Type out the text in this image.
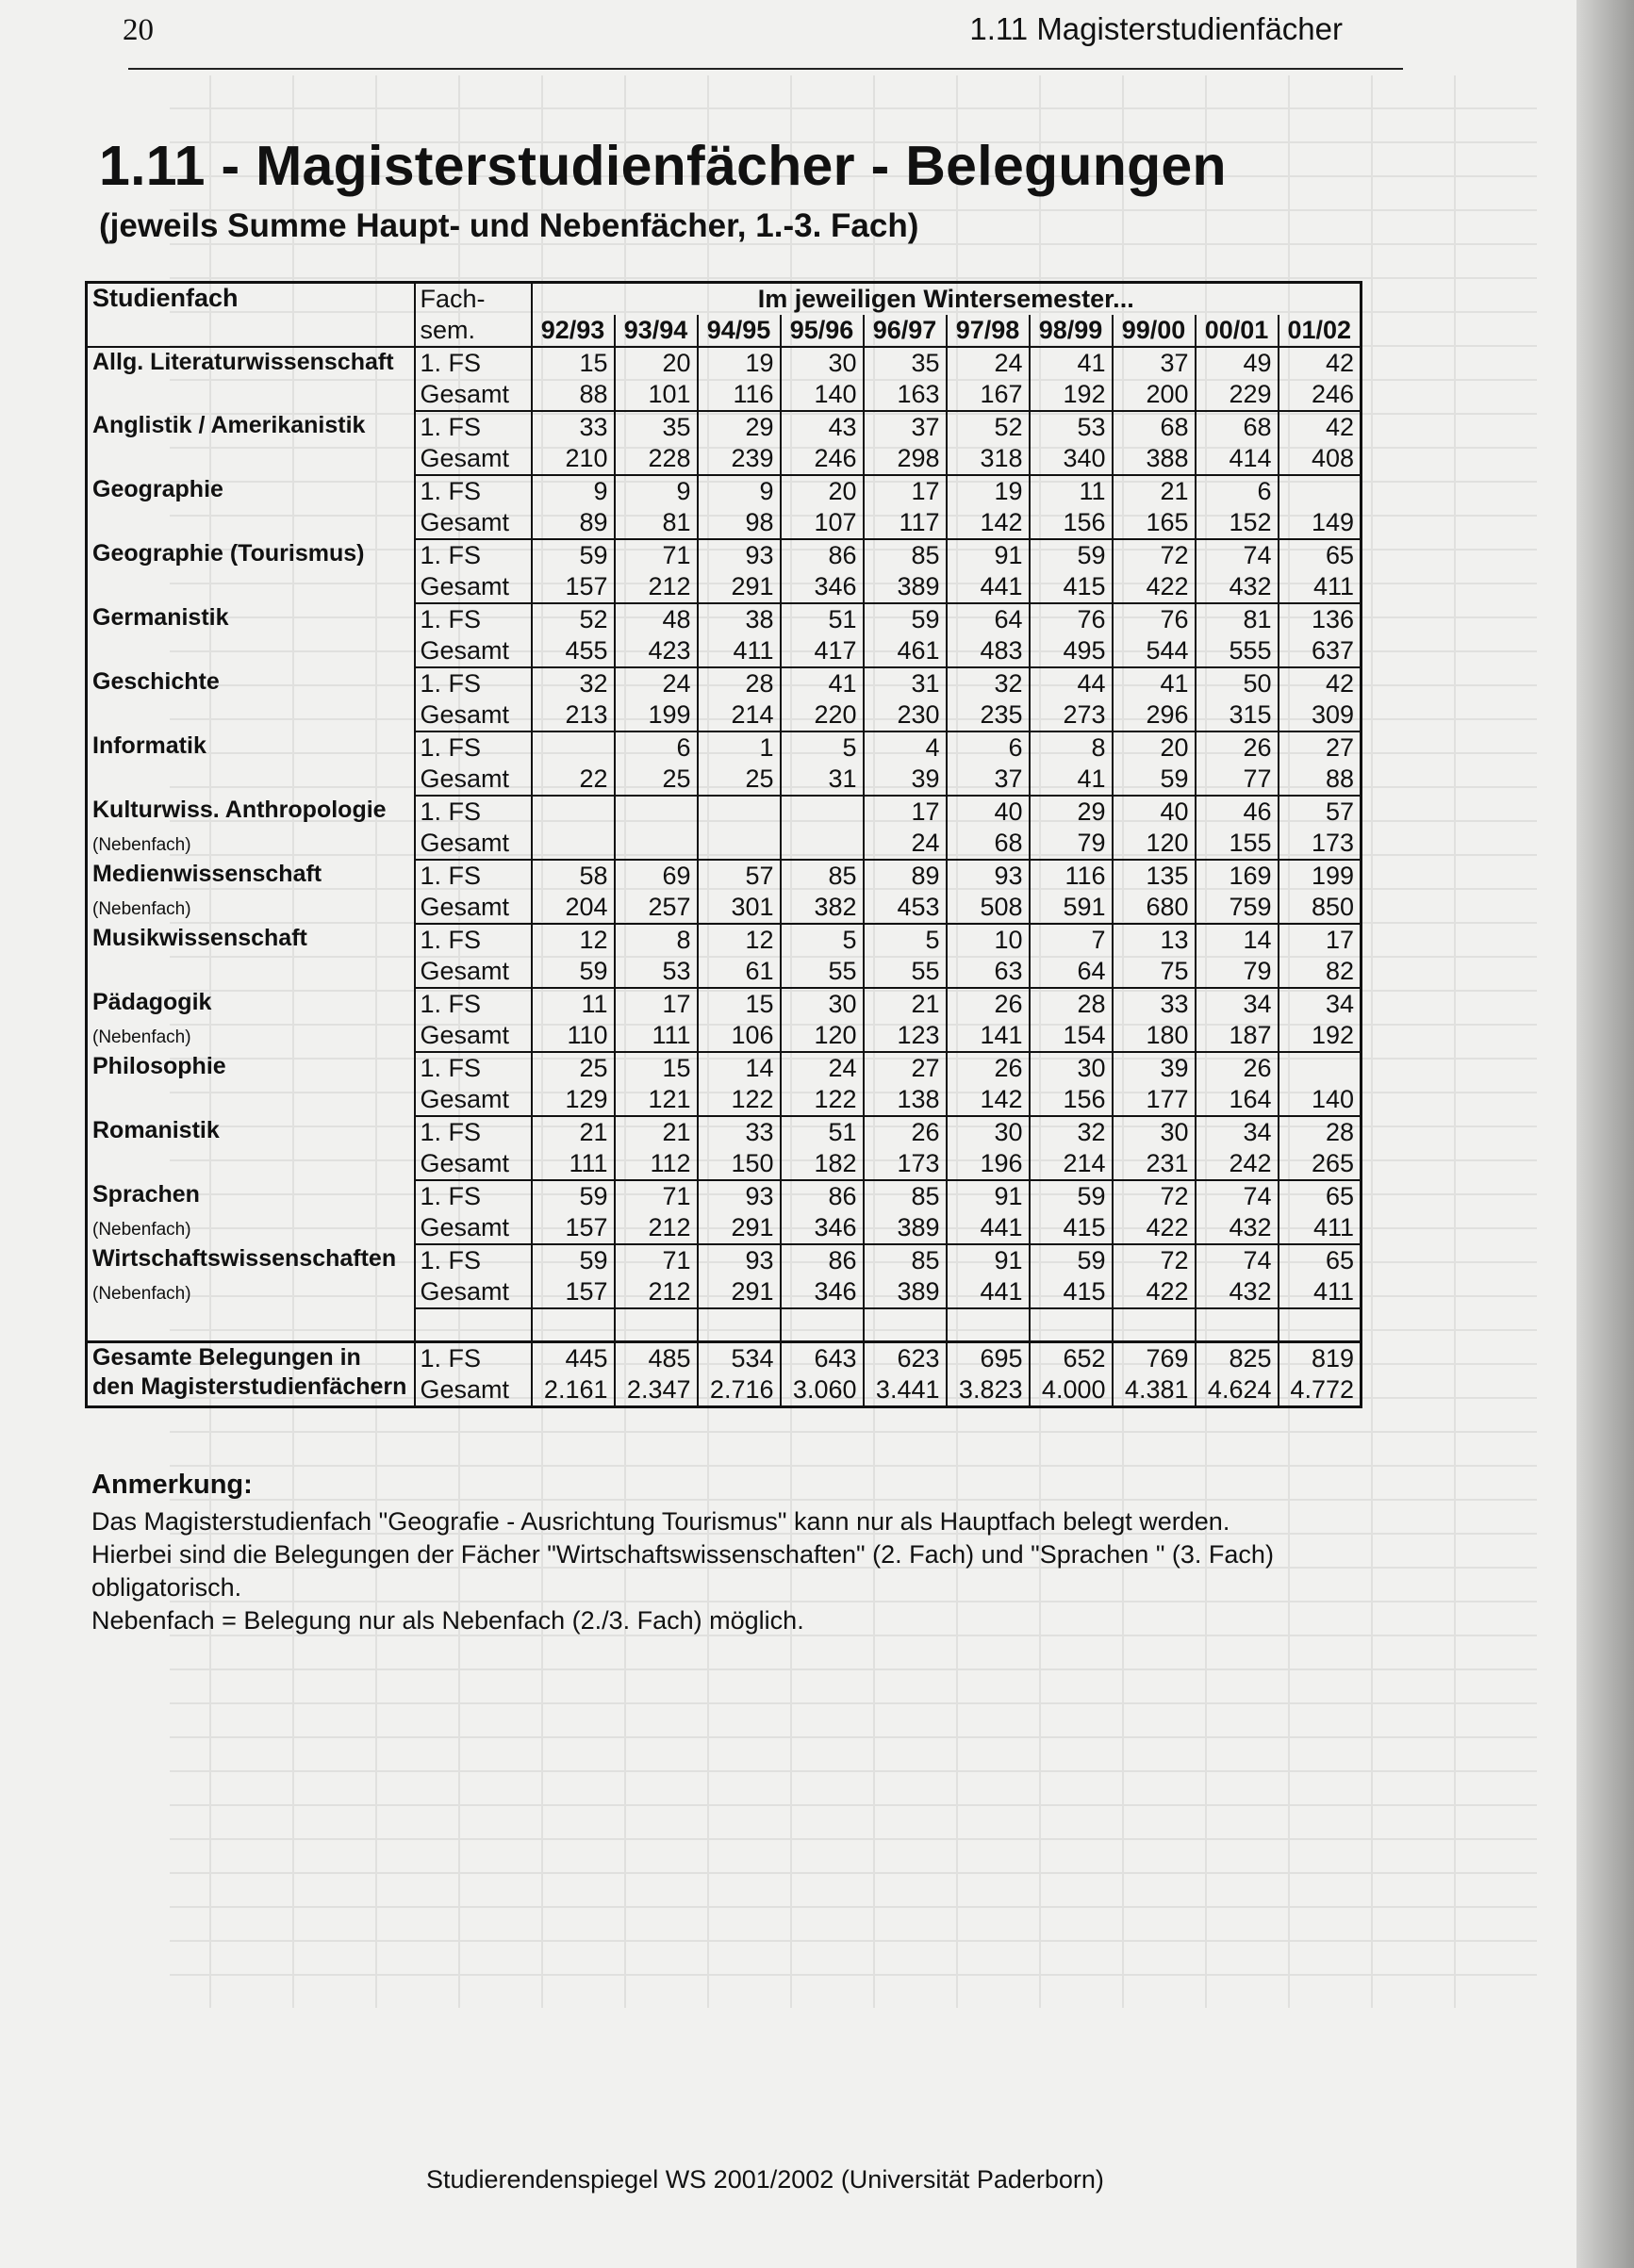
20	1.11 Magisterstudienfächer
1.11 - Magisterstudienfächer - Belegungen
(jeweils Summe Haupt- und Nebenfächer, 1.-3. Fach)
Studienfach	Fach-	Im jeweiligen Wintersemester...									
	sem.	92/93	93/94	94/95	95/96	96/97	97/98	98/99	99/00	00/01	01/02
Allg. Literaturwissenschaft	1. FS	15	20	19	30	35	24	41	37	49	42
	Gesamt	88	101	116	140	163	167	192	200	229	246
Anglistik / Amerikanistik	1. FS	33	35	29	43	37	52	53	68	68	42
	Gesamt	210	228	239	246	298	318	340	388	414	408
Geographie	1. FS	9	9	9	20	17	19	11	21	6	
	Gesamt	89	81	98	107	117	142	156	165	152	149
Geographie (Tourismus)	1. FS	59	71	93	86	85	91	59	72	74	65
	Gesamt	157	212	291	346	389	441	415	422	432	411
Germanistik	1. FS	52	48	38	51	59	64	76	76	81	136
	Gesamt	455	423	411	417	461	483	495	544	555	637
Geschichte	1. FS	32	24	28	41	31	32	44	41	50	42
	Gesamt	213	199	214	220	230	235	273	296	315	309
Informatik	1. FS		6	1	5	4	6	8	20	26	27
	Gesamt	22	25	25	31	39	37	41	59	77	88
Kulturwiss. Anthropologie
(Nebenfach)	1. FS					17	40	29	40	46	57
	Gesamt					24	68	79	120	155	173
Medienwissenschaft
(Nebenfach)	1. FS	58	69	57	85	89	93	116	135	169	199
	Gesamt	204	257	301	382	453	508	591	680	759	850
Musikwissenschaft	1. FS	12	8	12	5	5	10	7	13	14	17
	Gesamt	59	53	61	55	55	63	64	75	79	82
Pädagogik
(Nebenfach)	1. FS	11	17	15	30	21	26	28	33	34	34
	Gesamt	110	111	106	120	123	141	154	180	187	192
Philosophie	1. FS	25	15	14	24	27	26	30	39	26	
	Gesamt	129	121	122	122	138	142	156	177	164	140
Romanistik	1. FS	21	21	33	51	26	30	32	30	34	28
	Gesamt	111	112	150	182	173	196	214	231	242	265
Sprachen
(Nebenfach)	1. FS	59	71	93	86	85	91	59	72	74	65
	Gesamt	157	212	291	346	389	441	415	422	432	411
Wirtschaftswissenschaften
(Nebenfach)	1. FS	59	71	93	86	85	91	59	72	74	65
	Gesamt	157	212	291	346	389	441	415	422	432	411

Gesamte Belegungen in
den Magisterstudienfächern	1. FS	445	485	534	643	623	695	652	769	825	819
	Gesamt	2.161	2.347	2.716	3.060	3.441	3.823	4.000	4.381	4.624	4.772
Anmerkung:

Das Magisterstudienfach "Geografie - Ausrichtung Tourismus" kann nur als Hauptfach belegt werden.

Hierbei sind die Belegungen der Fächer "Wirtschaftswissenschaften" (2. Fach) und "Sprachen " (3. Fach) obligatorisch.

Nebenfach = Belegung nur als Nebenfach (2./3. Fach) möglich.

Studierendenspiegel WS 2001/2002 (Universität Paderborn)
